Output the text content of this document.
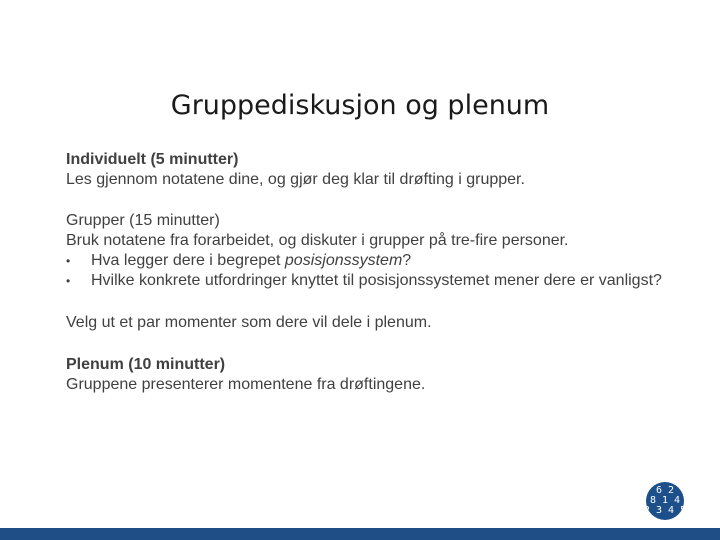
Gruppediskusjon og plenum

Individuelt (5 minutter)

Les gjennom notatene dine, og gjør deg klar til drøfting i grupper.

Grupper (15 minutter)

Bruk notatene fra forarbeidet, og diskuter i grupper på tre-fire personer.

•	Hva legger dere i begrepet posisjonssystem?
•	Hvilke konkrete utfordringer knyttet til posisjonssystemet mener dere er vanligst?

Velg ut et par momenter som dere vil dele i plenum.

Plenum (10 minutter)

Gruppene presenterer momentene fra drøftingene.

6 2
8 1 4
2 3 4 5
